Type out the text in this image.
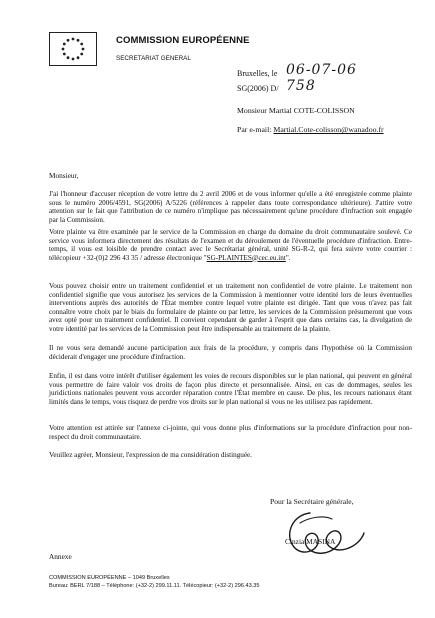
COMMISSION EUROPÉENNE
SECRETARIAT GENERAL
Bruxelles, le 06-07-06
SG(2006) D/ 758
Monsieur Martial COTE-COLISSON
Par e-mail: Martial.Cote-colisson@wanadoo.fr
Monsieur,

J'ai l'honneur d'accuser réception de votre lettre du 2 avril 2006 et de vous informer qu'elle a été enregistrée comme plainte sous le numéro 2006/4591, SG(2006) A/5226 (références à rappeler dans toute correspondance ultérieure). J'attire votre attention sur le fait que l'attribution de ce numéro n'implique pas nécessairement qu'une procédure d'infraction soit engagée par la Commission.

Votre plainte va être examinée par le service de la Commission en charge du domaine du droit communautaire soulevé. Ce service vous informera directement des résultats de l'examen et du déroulement de l'éventuelle procédure d'infraction. Entre-temps, il vous est loisible de prendre contact avec le Secrétariat général, unité SG-R-2, qui fera suivre votre courrier : télécopieur +32-(0)2 296 43 35 / adresse électronique "SG-PLAINTES@cec.eu.int".

Vous pouvez choisir entre un traitement confidentiel et un traitement non confidentiel de votre plainte. Le traitement non confidentiel signifie que vous autorisez les services de la Commission à mentionner votre identité lors de leurs éventuelles interventions auprès des autorités de l'État membre contre lequel votre plainte est dirigée. Tant que vous n'avez pas fait connaître votre choix par le biais du formulaire de plainte ou par lettre, les services de la Commission présumeront que vous avez opté pour un traitement confidentiel. Il convient cependant de garder à l'esprit que dans certains cas, la divulgation de votre identité par les services de la Commission peut être indispensable au traitement de la plainte.

Il ne vous sera demandé aucune participation aux frais de la procédure, y compris dans l'hypothèse où la Commission déciderait d'engager une procédure d'infraction.

Enfin, il est dans votre intérêt d'utiliser également les voies de recours disponibles sur le plan national, qui peuvent en général vous permettre de faire valoir vos droits de façon plus directe et personnalisée. Ainsi, en cas de dommages, seules les juridictions nationales peuvent vous accorder réparation contre l'État membre en cause. De plus, les recours nationaux étant limités dans le temps, vous risquez de perdre vos droits sur le plan national si vous ne les utilisez pas rapidement.

Votre attention est attirée sur l'annexe ci-jointe, qui vous donne plus d'informations sur la procédure d'infraction pour non-respect du droit communautaire.

Veuillez agréer, Monsieur, l'expression de ma considération distinguée.

Pour la Secrétaire générale,
Cinzia MASINA
Annexe
COMMISSION EUROPÉENNE – 1049 Bruxelles
Bureau: BERL 7/188 – Téléphone: (+32-2) 299.11.11. Télécopieur: (+32-2) 296.43.35
